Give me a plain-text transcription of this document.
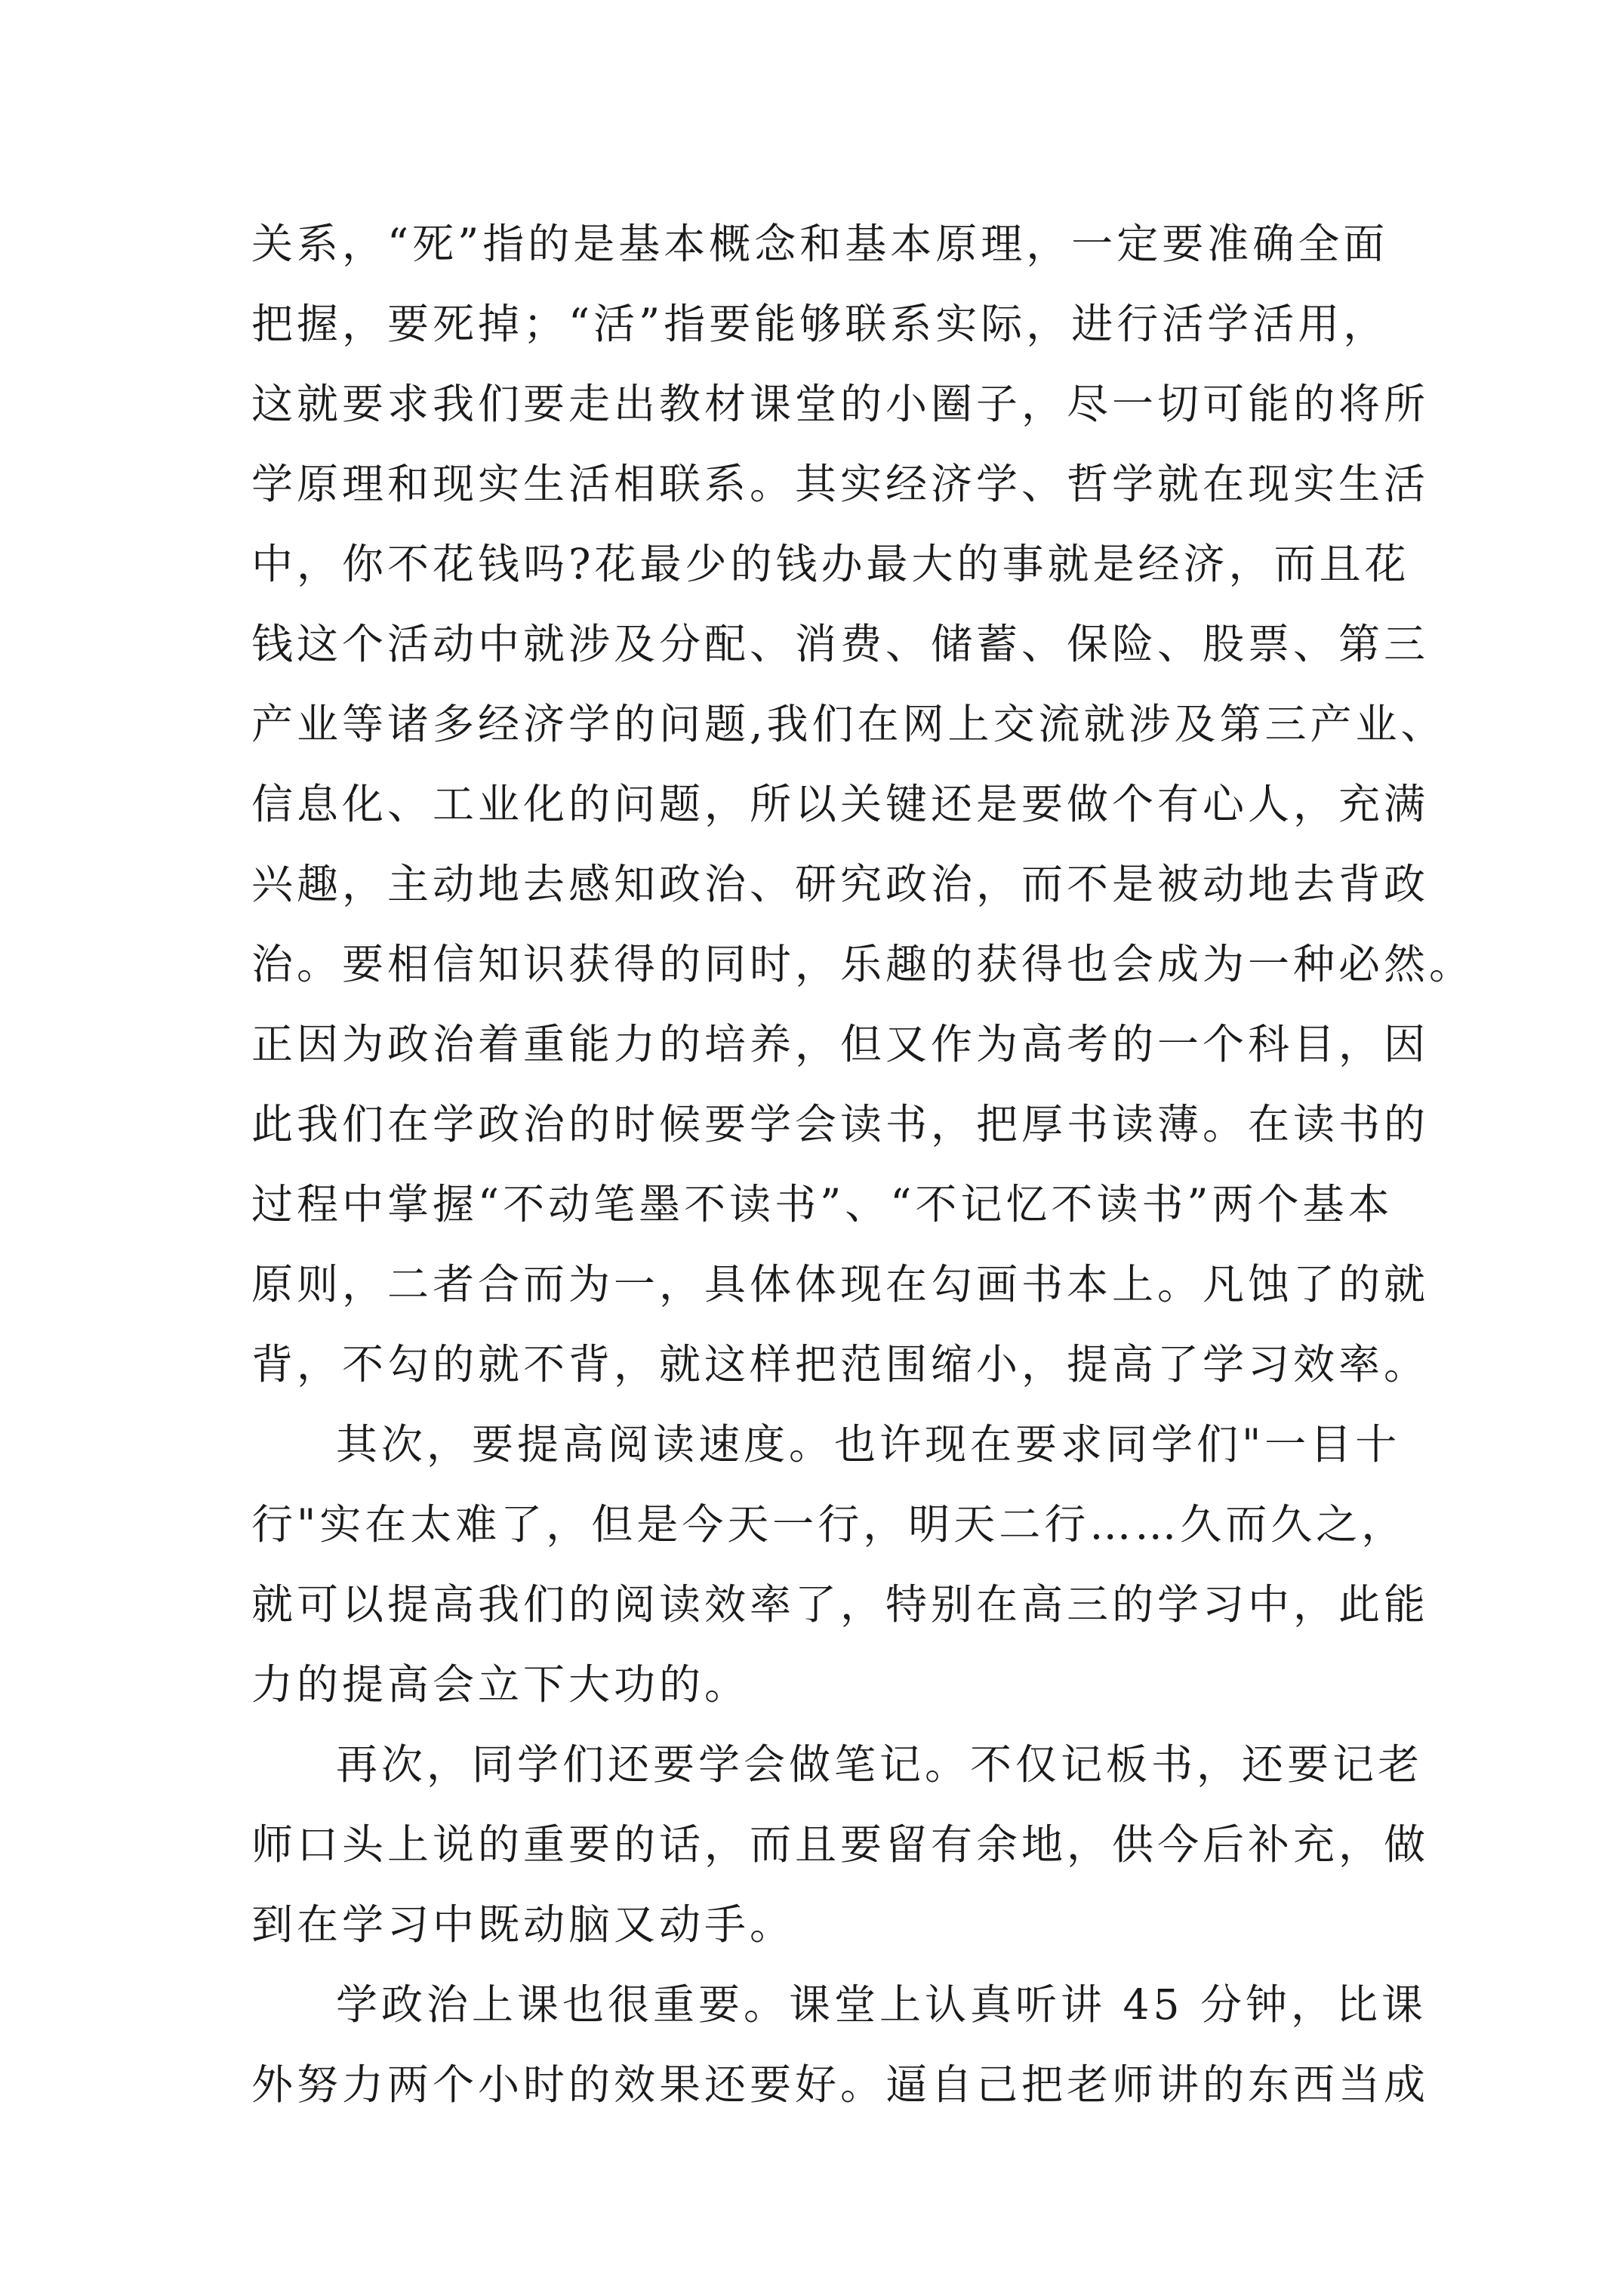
关系，“死”指的是基本概念和基本原理，一定要准确全面
把握，要死掉；“活”指要能够联系实际，进行活学活用，
这就要求我们要走出教材课堂的小圈子，尽一切可能的将所
学原理和现实生活相联系。其实经济学、哲学就在现实生活
中，你不花钱吗?花最少的钱办最大的事就是经济，而且花
钱这个活动中就涉及分配、消费、储蓄、保险、股票、第三
产业等诸多经济学的问题,我们在网上交流就涉及第三产业、
信息化、工业化的问题，所以关键还是要做个有心人，充满
兴趣，主动地去感知政治、研究政治，而不是被动地去背政
治。要相信知识获得的同时，乐趣的获得也会成为一种必然。
正因为政治着重能力的培养，但又作为高考的一个科目，因
此我们在学政治的时候要学会读书，把厚书读薄。在读书的
过程中掌握“不动笔墨不读书”、“不记忆不读书”两个基本
原则，二者合而为一，具体体现在勾画书本上。凡蚀了的就
背，不勾的就不背，就这样把范围缩小，提高了学习效率。
其次，要提高阅读速度。也许现在要求同学们"一目十
行"实在太难了，但是今天一行，明天二行……久而久之，
就可以提高我们的阅读效率了，特别在高三的学习中，此能
力的提高会立下大功的。
再次，同学们还要学会做笔记。不仅记板书，还要记老
师口头上说的重要的话，而且要留有余地，供今后补充，做
到在学习中既动脑又动手。
学政治上课也很重要。课堂上认真听讲 45 分钟，比课
外努力两个小时的效果还要好。逼自己把老师讲的东西当成
